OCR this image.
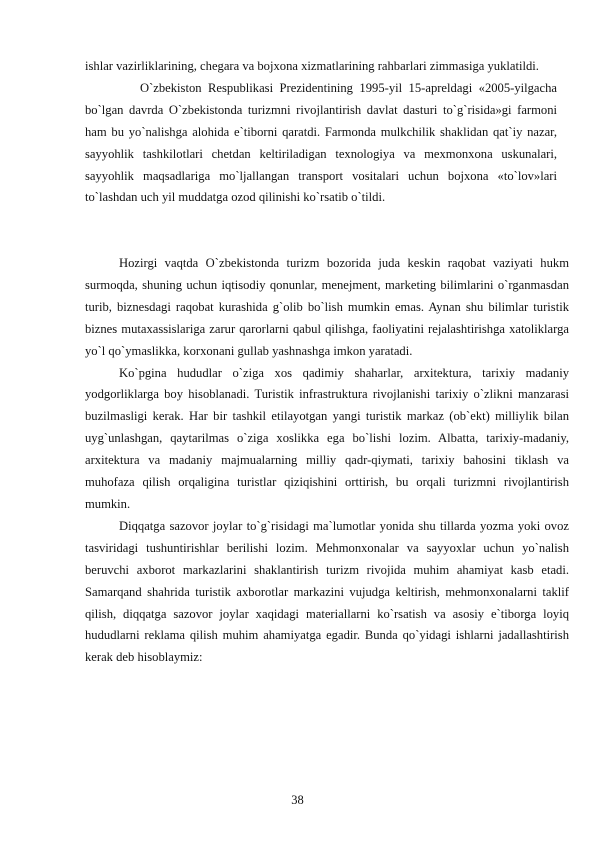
ishlar vazirliklarining, chegara va bojxona xizmatlarining rahbarlari zimmasiga yuklatildi.

O`zbekiston Respublikasi Prezidentining 1995-yil 15-apreldagi «2005-yilgacha bo`lgan davrda O`zbekistonda turizmni rivojlantirish davlat dasturi to`g`risida»gi farmoni ham bu yo`nalishga alohida e`tiborni qaratdi. Farmonda mulkchilik shaklidan qat`iy nazar, sayyohlik tashkilotlari chetdan keltiriladigan texnologiya va mexmonxona uskunalari, sayyohlik maqsadlariga mo`ljallangan transport vositalari uchun bojxona «to`lov»lari to`lashdan uch yil muddatga ozod qilinishi ko`rsatib o`tildi.

Hozirgi vaqtda O`zbekistonda turizm bozorida juda keskin raqobat vaziyati hukm surmoqda, shuning uchun iqtisodiy qonunlar, menejment, marketing bilimlarini o`rganmasdan turib, biznesdagi raqobat kurashida g`olib bo`lish mumkin emas. Aynan shu bilimlar turistik biznes mutaxassislariga zarur qarorlarni qabul qilishga, faoliyatini rejalashtirishga xatoliklarga yo`l qo`ymaslikka, korxonani gullab yashnashga imkon yaratadi.

Ko`pgina hududlar o`ziga xos qadimiy shaharlar, arxitektura, tarixiy madaniy yodgorliklarga boy hisoblanadi. Turistik infrastruktura rivojlanishi tarixiy o`zlikni manzarasi buzilmasligi kerak. Har bir tashkil etilayotgan yangi turistik markaz (ob`ekt) milliylik bilan uyg`unlashgan, qaytarilmas o`ziga xoslikka ega bo`lishi lozim. Albatta, tarixiy-madaniy, arxitektura va madaniy majmualarning milliy qadr-qiymati, tarixiy bahosini tiklash va muhofaza qilish orqaligina turistlar qiziqishini orttirish, bu orqali turizmni rivojlantirish mumkin.

Diqqatga sazovor joylar to`g`risidagi ma`lumotlar yonida shu tillarda yozma yoki ovoz tasviridagi tushuntirishlar berilishi lozim. Mehmonxonalar va sayyoxlar uchun yo`nalish beruvchi axborot markazlarini shaklantirish turizm rivojida muhim ahamiyat kasb etadi. Samarqand shahrida turistik axborotlar markazini vujudga keltirish, mehmonxonalarni taklif qilish, diqqatga sazovor joylar xaqidagi materiallarni ko`rsatish va asosiy e`tiborga loyiq hududlarni reklama qilish muhim ahamiyatga egadir. Bunda qo`yidagi ishlarni jadallashtirish kerak deb hisoblaymiz:

38
